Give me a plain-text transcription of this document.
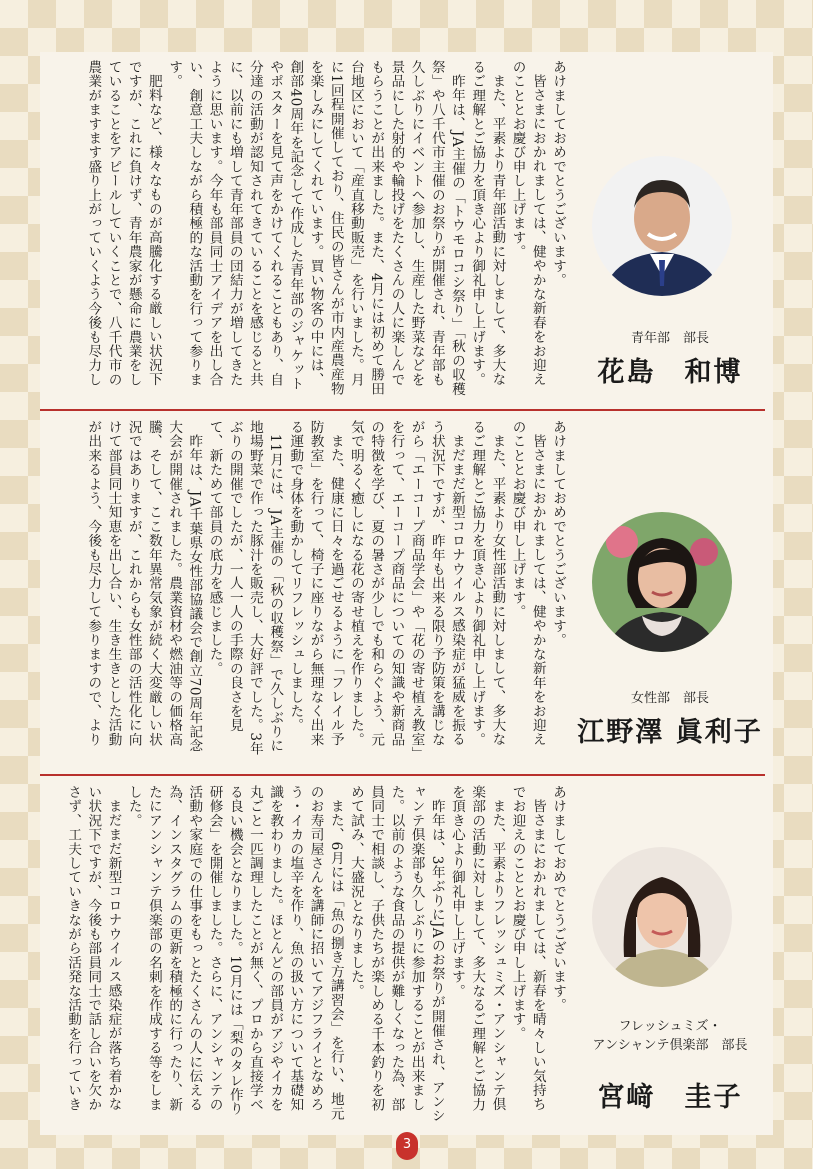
あけましておめでとうございます。

皆さまにおかれましては、健やかな新春をお迎えのこととお慶び申し上げます。

また、平素より青年部活動に対しまして、多大なるご理解とご協力を頂き心より御礼申し上げます。

昨年は、JA主催の「トウモロコシ祭り」「秋の収穫祭」や八千代市主催のお祭りが開催され、青年部も久しぶりにイベントへ参加し、生産した野菜などを景品にした射的や輪投げをたくさんの人に楽しんでもらうことが出来ました。また、4月には初めて勝田台地区において「産直移動販売」を行いました。月に1回程開催しており、住民の皆さんが市内産農産物を楽しみにしてくれています。買い物客の中には、創部40周年を記念して作成した青年部のジャケットやポスターを見て声をかけてくれることもあり、自分達の活動が認知されてきていることを感じると共に、以前にも増して青年部員の団結力が増してきたように思います。今年も部員同士アイデアを出し合い、創意工夫しながら積極的な活動を行って参ります。

肥料など、様々なものが高騰化する厳しい状況下ですが、これに負けず、青年農家が懸命に農業をしていることをアピールしていくことで、八千代市の農業がますます盛り上がっていくよう今後も尽力し

青年部　部長
花島　和博

あけましておめでとうございます。

皆さまにおかれましては、健やかな新年をお迎えのこととお慶び申し上げます。

また、平素より女性部活動に対しまして、多大なるご理解とご協力を頂き心より御礼申し上げます。

まだまだ新型コロナウイルス感染症が猛威を振るう状況下ですが、昨年も出来る限り予防策を講じながら「エーコープ商品学会」や「花の寄せ植え教室」を行って、エーコープ商品についての知識や新商品の特徴を学び、夏の暑さが少しでも和らぐよう、元気で明るく癒しになる花の寄せ植えを作りました。

また、健康に日々を過ごせるように「フレイル予防教室」を行って、椅子に座りながら無理なく出来る運動で身体を動かしてリフレッシュしました。

11月には、JA主催の「秋の収穫祭」で久しぶりに地場野菜で作った豚汁を販売し、大好評でした。3年ぶりの開催でしたが、一人一人の手際の良さを見て、新ためて部員の底力を感じました。

昨年は、JA千葉県女性部協議会で創立70周年記念大会が開催されました。農業資材や燃油等の価格高騰、そして、ここ数年異常気象が続く大変厳しい状況ではありますが、これからも女性部の活性化に向けて部員同士知恵を出し合い、生き生きとした活動が出来るよう、今後も尽力して参りますので、より

女性部　部長
江野澤 眞利子

あけましておめでとうございます。

皆さまにおかれましては、新春を晴々しい気持ちでお迎えのこととお慶び申し上げます。

また、平素よりフレッシュミズ・アンシャンテ倶楽部の活動に対しまして、多大なるご理解とご協力を頂き心より御礼申し上げます。

昨年は、3年ぶりにJAのお祭りが開催され、アンシャンテ倶楽部も久しぶりに参加することが出来ました。以前のような食品の提供が難しくなった為、部員同士で相談し、子供たちが楽しめる千本釣りを初めて試み、大盛況となりました。

また、6月には「魚の捌き方講習会」を行い、地元のお寿司屋さんを講師に招いてアジフライとなめろう・イカの塩辛を作り、魚の扱い方について基礎知識を教わりました。ほとんどの部員がアジやイカを丸ごと一匹調理したことが無く、プロから直接学べる良い機会となりました。10月には「梨のタレ作り研修会」を開催しました。さらに、アンシャンテの活動や家庭での仕事をもっとたくさんの人に伝える為、インスタグラムの更新を積極的に行ったり、新たにアンシャンテ倶楽部の名刺を作成する等をしました。

まだまだ新型コロナウイルス感染症が落ち着かない状況下ですが、今後も部員同士で話し合いを欠かさず、工夫していきながら活発な活動を行っていき

フレッシュミズ・
アンシャンテ倶楽部　部長
宮﨑　圭子
3
